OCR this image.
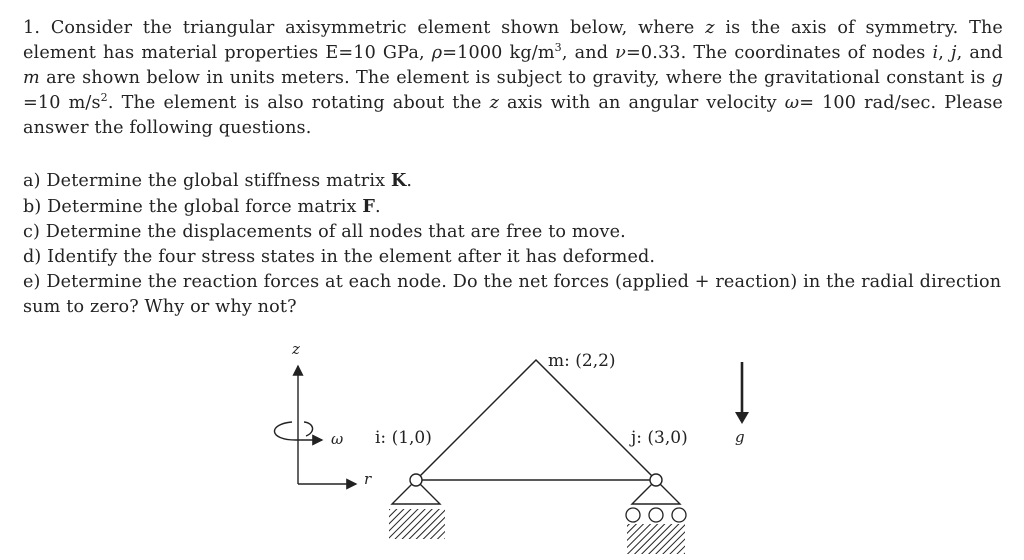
1. Consider the triangular axisymmetric element shown below, where z is the axis of symmetry. The element has material properties E=10 GPa, ρ=1000 $kg/m^3$, and ν=0.33. The coordinates of nodes i, j, and m are shown below in units meters. The element is subject to gravity, where the gravitational constant is g =10 $m/s^2$. The element is also rotating about the z axis with an angular velocity ω= 100 rad/sec. Please answer the following questions.

a) Determine the global stiffness matrix K.
b) Determine the global force matrix F.
c) Determine the displacements of all nodes that are free to move.
d) Identify the four stress states in the element after it has deformed.
e) Determine the reaction forces at each node. Do the net forces (applied + reaction) in the radial direction sum to zero? Why or why not?
z
r
ω i: (1,0)	j: (3,0)
m: (2,2)
g
